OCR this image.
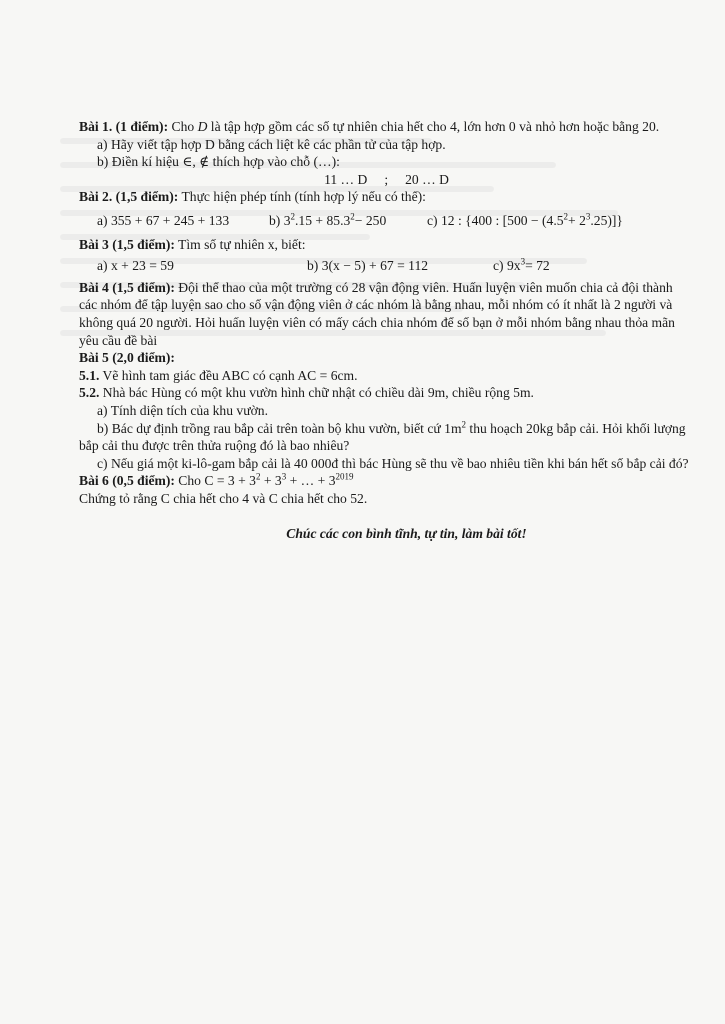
Bài 1. (1 điểm): Cho D là tập hợp gồm các số tự nhiên chia hết cho 4, lớn hơn 0 và nhỏ hơn hoặc bằng 20.

a) Hãy viết tập hợp D bằng cách liệt kê các phần tử của tập hợp.

b) Điền kí hiệu ∈, ∉ thích hợp vào chỗ (…):

11 … D     ;     20 … D

Bài 2. (1,5 điểm): Thực hiện phép tính (tính hợp lý nếu có thể):

a) 355 + 67 + 245 + 133	b) $3^2.15 + 85.3^2- 250$	c) 12 : {400 : $[500 - (4.5^2+ 2^3.25)]$}

Bài 3 (1,5 điểm): Tìm số tự nhiên x, biết:

a) x + 23 = 59	b) 3(x − 5) + 67 = 112	c) $9x^3= 72$

Bài 4 (1,5 điểm): Đội thể thao của một trường có 28 vận động viên. Huấn luyện viên muốn chia cả đội thành các nhóm để tập luyện sao cho số vận động viên ở các nhóm là bằng nhau, mỗi nhóm có ít nhất là 2 người và không quá 20 người. Hỏi huấn luyện viên có mấy cách chia nhóm để số bạn ở mỗi nhóm bằng nhau thỏa mãn yêu cầu đề bài

Bài 5 (2,0 điểm):

5.1. Vẽ hình tam giác đều ABC có cạnh AC = 6cm.

5.2. Nhà bác Hùng có một khu vườn hình chữ nhật có chiều dài 9m, chiều rộng 5m.

a) Tính diện tích của khu vườn.

b) Bác dự định trồng rau bắp cải trên toàn bộ khu vườn, biết cứ $1m^2$ thu hoạch 20kg bắp cải. Hỏi khối lượng bắp cải thu được trên thửa ruộng đó là bao nhiêu?

c) Nếu giá một ki-lô-gam bắp cải là 40 000đ thì bác Hùng sẽ thu về bao nhiêu tiền khi bán hết số bắp cải đó?

Bài 6 (0,5 điểm): Cho $C = 3 + 3^2 + 3^3$ + … + $3^{2019}$

Chứng tỏ rằng C chia hết cho 4 và C chia hết cho 52.

Chúc các con bình tĩnh, tự tin, làm bài tốt!
